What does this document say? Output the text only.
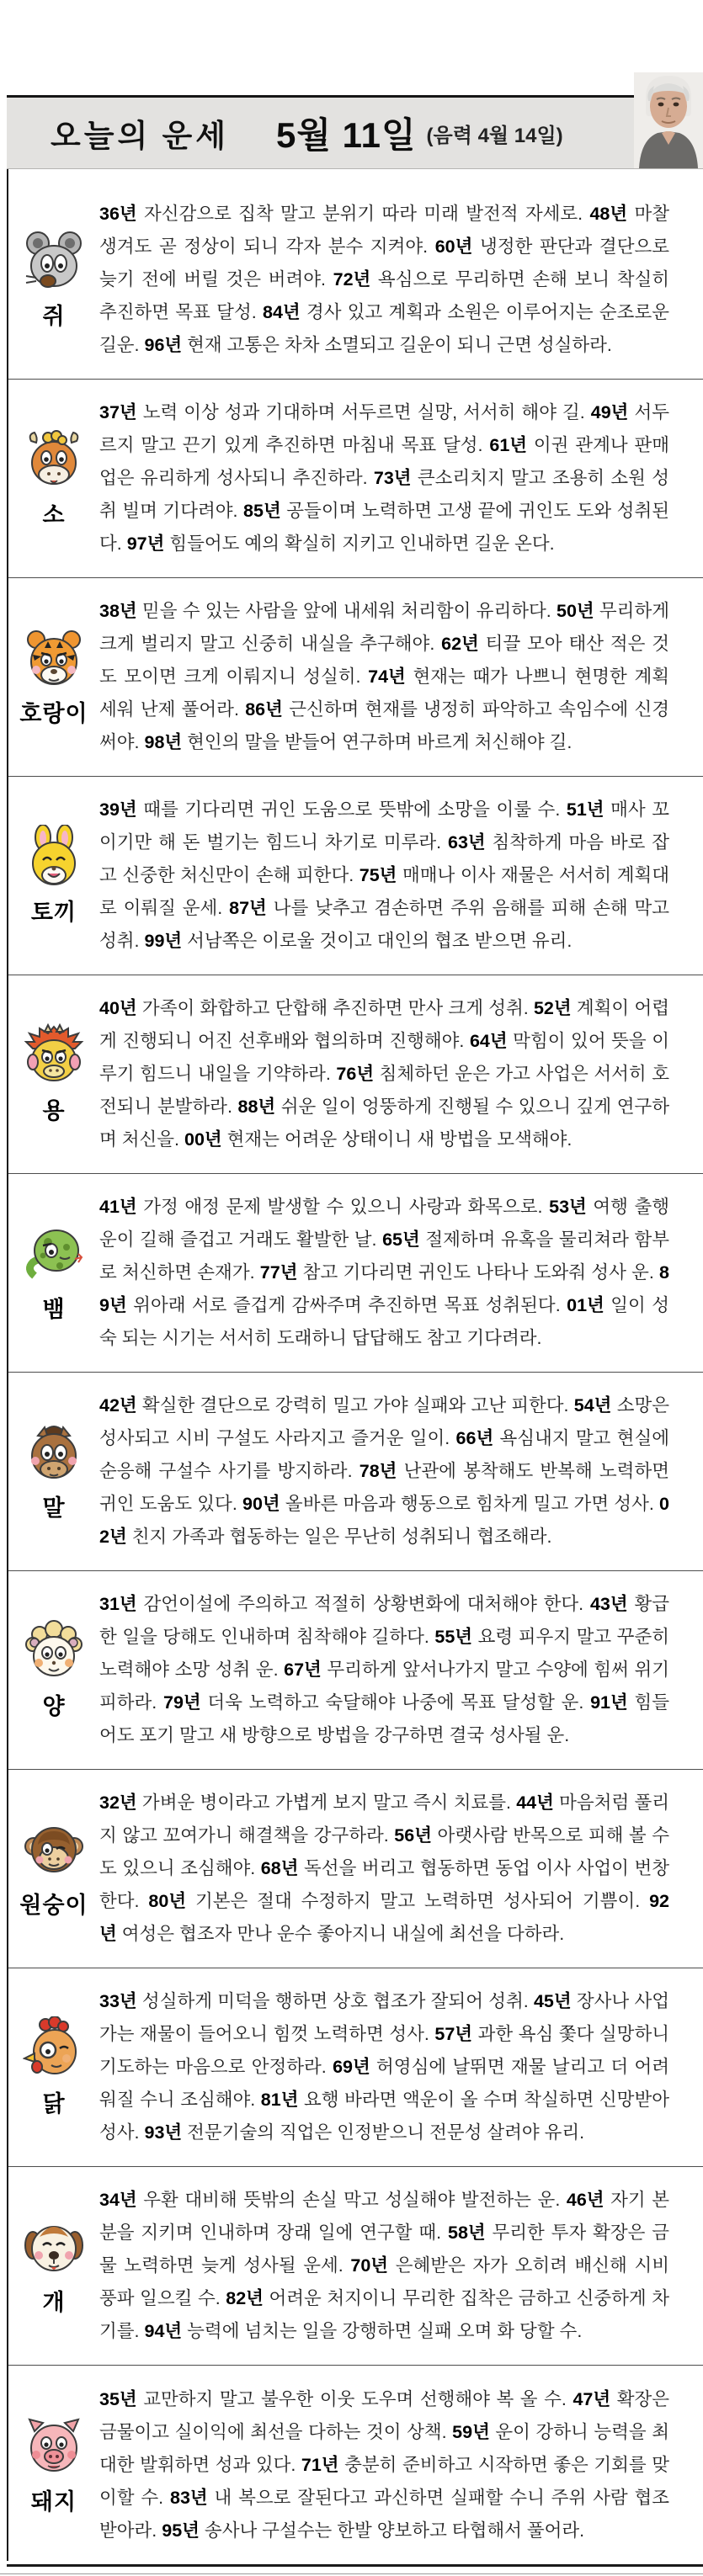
오늘의 운세 5월 11일 (음력 4월 14일)
쥐

36년 자신감으로 집착 말고 분위기 따라 미래 발전적 자세로. 48년 마찰 생겨도 곧 정상이 되니 각자 분수 지켜야. 60년 냉정한 판단과 결단으로 늦기 전에 버릴 것은 버려야. 72년 욕심으로 무리하면 손해 보니 착실히 추진하면 목표 달성. 84년 경사 있고 계획과 소원은 이루어지는 순조로운 길운. 96년 현재 고통은 차차 소멸되고 길운이 되니 근면 성실하라.

소

37년 노력 이상 성과 기대하며 서두르면 실망, 서서히 해야 길. 49년 서두르지 말고 끈기 있게 추진하면 마침내 목표 달성. 61년 이권 관계나 판매업은 유리하게 성사되니 추진하라. 73년 큰소리치지 말고 조용히 소원 성취 빌며 기다려야. 85년 공들이며 노력하면 고생 끝에 귀인도 도와 성취된다. 97년 힘들어도 예의 확실히 지키고 인내하면 길운 온다.

호랑이

38년 믿을 수 있는 사람을 앞에 내세워 처리함이 유리하다. 50년 무리하게 크게 벌리지 말고 신중히 내실을 추구해야. 62년 티끌 모아 태산 적은 것도 모이면 크게 이뤄지니 성실히. 74년 현재는 때가 나쁘니 현명한 계획 세워 난제 풀어라. 86년 근신하며 현재를 냉정히 파악하고 속임수에 신경 써야. 98년 현인의 말을 받들어 연구하며 바르게 처신해야 길.

토끼

39년 때를 기다리면 귀인 도움으로 뜻밖에 소망을 이룰 수. 51년 매사 꼬이기만 해 돈 벌기는 힘드니 차기로 미루라. 63년 침착하게 마음 바로 잡고 신중한 처신만이 손해 피한다. 75년 매매나 이사 재물은 서서히 계획대로 이뤄질 운세. 87년 나를 낮추고 겸손하면 주위 음해를 피해 손해 막고 성취. 99년 서남쪽은 이로울 것이고 대인의 협조 받으면 유리.

용

40년 가족이 화합하고 단합해 추진하면 만사 크게 성취. 52년 계획이 어렵게 진행되니 어진 선후배와 협의하며 진행해야. 64년 막힘이 있어 뜻을 이루기 힘드니 내일을 기약하라. 76년 침체하던 운은 가고 사업은 서서히 호전되니 분발하라. 88년 쉬운 일이 엉뚱하게 진행될 수 있으니 깊게 연구하며 처신을. 00년 현재는 어려운 상태이니 새 방법을 모색해야.

뱀

41년 가정 애정 문제 발생할 수 있으니 사랑과 화목으로. 53년 여행 출행 운이 길해 즐겁고 거래도 활발한 날. 65년 절제하며 유혹을 물리쳐라 함부로 처신하면 손재가. 77년 참고 기다리면 귀인도 나타나 도와줘 성사 운. 89년 위아래 서로 즐겁게 감싸주며 추진하면 목표 성취된다. 01년 일이 성숙 되는 시기는 서서히 도래하니 답답해도 참고 기다려라.

말

42년 확실한 결단으로 강력히 밀고 가야 실패와 고난 피한다. 54년 소망은 성사되고 시비 구설도 사라지고 즐거운 일이. 66년 욕심내지 말고 현실에 순응해 구설수 사기를 방지하라. 78년 난관에 봉착해도 반복해 노력하면 귀인 도움도 있다. 90년 올바른 마음과 행동으로 힘차게 밀고 가면 성사. 02년 친지 가족과 협동하는 일은 무난히 성취되니 협조해라.

양

31년 감언이설에 주의하고 적절히 상황변화에 대처해야 한다. 43년 황급한 일을 당해도 인내하며 침착해야 길하다. 55년 요령 피우지 말고 꾸준히 노력해야 소망 성취 운. 67년 무리하게 앞서나가지 말고 수양에 힘써 위기 피하라. 79년 더욱 노력하고 숙달해야 나중에 목표 달성할 운. 91년 힘들어도 포기 말고 새 방향으로 방법을 강구하면 결국 성사될 운.

원숭이

32년 가벼운 병이라고 가볍게 보지 말고 즉시 치료를. 44년 마음처럼 풀리지 않고 꼬여가니 해결책을 강구하라. 56년 아랫사람 반목으로 피해 볼 수도 있으니 조심해야. 68년 독선을 버리고 협동하면 동업 이사 사업이 번창한다. 80년 기본은 절대 수정하지 말고 노력하면 성사되어 기쁨이. 92년 여성은 협조자 만나 운수 좋아지니 내실에 최선을 다하라.

닭

33년 성실하게 미덕을 행하면 상호 협조가 잘되어 성취. 45년 장사나 사업가는 재물이 들어오니 힘껏 노력하면 성사. 57년 과한 욕심 쫓다 실망하니 기도하는 마음으로 안정하라. 69년 허영심에 날뛰면 재물 날리고 더 어려워질 수니 조심해야. 81년 요행 바라면 액운이 올 수며 착실하면 신망받아 성사. 93년 전문기술의 직업은 인정받으니 전문성 살려야 유리.

개

34년 우환 대비해 뜻밖의 손실 막고 성실해야 발전하는 운. 46년 자기 본분을 지키며 인내하며 장래 일에 연구할 때. 58년 무리한 투자 확장은 금물 노력하면 늦게 성사될 운세. 70년 은혜받은 자가 오히려 배신해 시비 풍파 일으킬 수. 82년 어려운 처지이니 무리한 집착은 금하고 신중하게 차기를. 94년 능력에 넘치는 일을 강행하면 실패 오며 화 당할 수.

돼지

35년 교만하지 말고 불우한 이웃 도우며 선행해야 복 올 수. 47년 확장은 금물이고 실이익에 최선을 다하는 것이 상책. 59년 운이 강하니 능력을 최대한 발휘하면 성과 있다. 71년 충분히 준비하고 시작하면 좋은 기회를 맞이할 수. 83년 내 복으로 잘된다고 과신하면 실패할 수니 주위 사람 협조받아라. 95년 송사나 구설수는 한발 양보하고 타협해서 풀어라.
